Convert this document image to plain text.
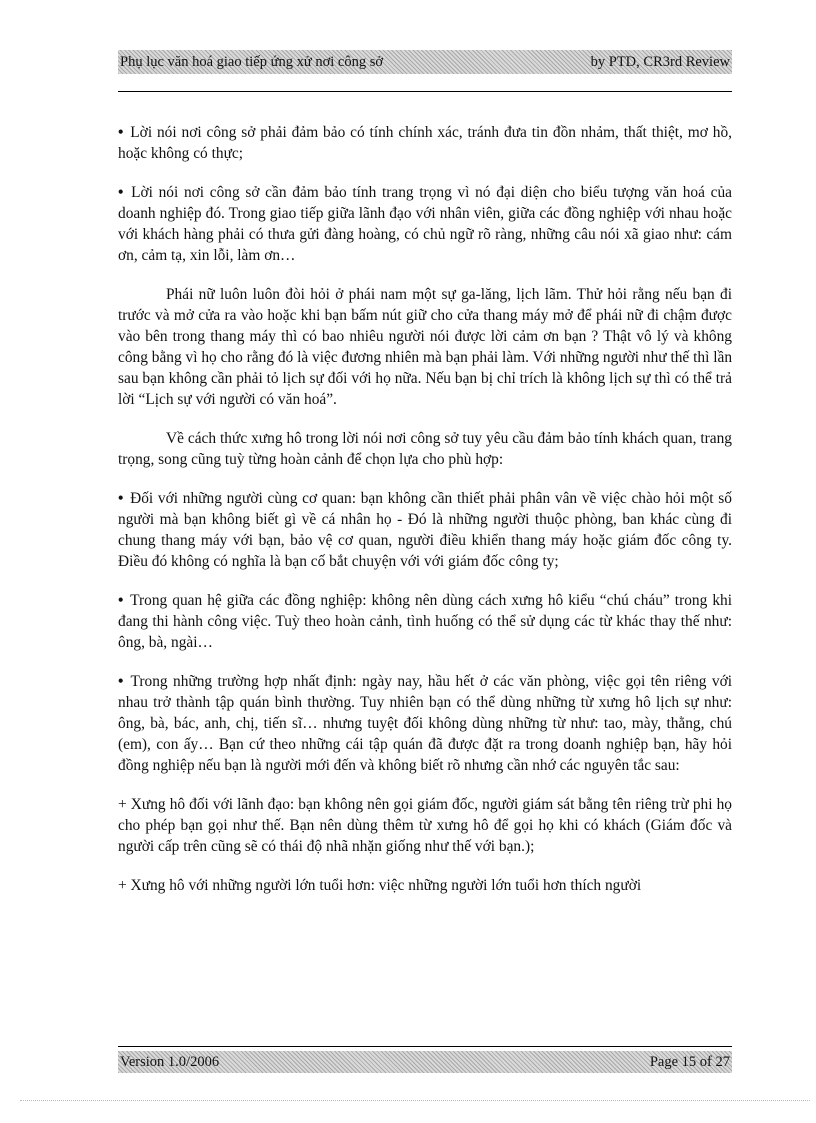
Phụ lục văn hoá giao tiếp ứng xử nơi công sở	by PTD, CR3rd Review

• Lời nói nơi công sở phải đảm bảo có tính chính xác, tránh đưa tin đồn nhảm, thất thiệt, mơ hồ, hoặc không có thực;

• Lời nói nơi công sở cần đảm bảo tính trang trọng vì nó đại diện cho biểu tượng văn hoá của doanh nghiệp đó. Trong giao tiếp giữa lãnh đạo với nhân viên, giữa các đồng nghiệp với nhau hoặc với khách hàng phải có thưa gửi đàng hoàng, có chủ ngữ rõ ràng, những câu nói xã giao như: cám ơn, cảm tạ, xin lỗi, làm ơn…

Phái nữ luôn luôn đòi hỏi ở phái nam một sự ga-lăng, lịch lãm. Thử hỏi rằng nếu bạn đi trước và mở cửa ra vào hoặc khi bạn bấm nút giữ cho cửa thang máy mở để phái nữ đi chậm được vào bên trong thang máy thì có bao nhiêu người nói được lời cảm ơn bạn ? Thật vô lý và không công bằng vì họ cho rằng đó là việc đương nhiên mà bạn phải làm. Với những người như thế thì lần sau bạn không cần phải tỏ lịch sự đối với họ nữa. Nếu bạn bị chỉ trích là không lịch sự thì có thể trả lời “Lịch sự với người có văn hoá”.

Về cách thức xưng hô trong lời nói nơi công sở tuy yêu cầu đảm bảo tính khách quan, trang trọng, song cũng tuỳ từng hoàn cảnh để chọn lựa cho phù hợp:

• Đối với những người cùng cơ quan: bạn không cần thiết phải phân vân về việc chào hỏi một số người mà bạn không biết gì về cá nhân họ - Đó là những người thuộc phòng, ban khác cùng đi chung thang máy với bạn, bảo vệ cơ quan, người điều khiển thang máy hoặc giám đốc công ty. Điều đó không có nghĩa là bạn cố bắt chuyện với với giám đốc công ty;

• Trong quan hệ giữa các đồng nghiệp: không nên dùng cách xưng hô kiểu “chú cháu” trong khi đang thi hành công việc. Tuỳ theo hoàn cảnh, tình huống có thể sử dụng các từ khác thay thế như: ông, bà, ngài…

• Trong những trường hợp nhất định: ngày nay, hầu hết ở các văn phòng, việc gọi tên riêng với nhau trở thành tập quán bình thường. Tuy nhiên bạn có thể dùng những từ xưng hô lịch sự như: ông, bà, bác, anh, chị, tiến sĩ… nhưng tuyệt đối không dùng những từ như: tao, mày, thằng, chú (em), con ấy… Bạn cứ theo những cái tập quán đã được đặt ra trong doanh nghiệp bạn, hãy hỏi đồng nghiệp nếu bạn là người mới đến và không biết rõ nhưng cần nhớ các nguyên tắc sau:

+ Xưng hô đối với lãnh đạo: bạn không nên gọi giám đốc, người giám sát bằng tên riêng trừ phi họ cho phép bạn gọi như thế. Bạn nên dùng thêm từ xưng hô để gọi họ khi có khách (Giám đốc và người cấp trên cũng sẽ có thái độ nhã nhặn giống như thế với bạn.);

+ Xưng hô với những người lớn tuổi hơn: việc những người lớn tuổi hơn thích người

Version 1.0/2006	Page 15 of 27
